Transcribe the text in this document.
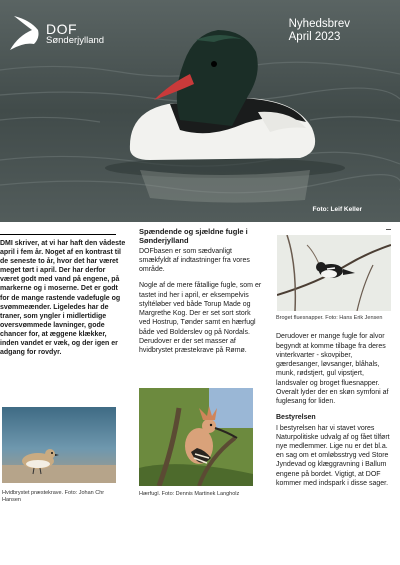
DOF
Sønderjylland
Nyhedsbrev
April 2023
Foto: Leif Keller

DMI skriver, at vi har haft den vådeste april i fem år. Noget af en kontrast til de seneste to år, hvor det har været meget tørt i april. Der har derfor været godt med vand på engene, på markerne og i moserne. Det er godt for de mange rastende vadefugle og svømmeænder. Ligeledes har de traner, som yngler i midlertidige oversvømmede lavninger, gode chancer for, at æggene klækker, inden vandet er væk, og der igen er adgang for rovdyr.

Hvidbrystet præstekrave. Foto: Johan Chr Hansen
Spændende og sjældne fugle i Sønderjylland

DOFbasen er som sædvanligt smækfyldt af indtastninger fra vores område.

Nogle af de mere fåtallige fugle, som er tastet ind her i april, er eksempelvis styltéløber ved både Torup Made og Margrethe Kog. Der er set sort stork ved Hostrup, Tønder samt en hærfugl både ved Bolderslev og på Nordals. Derudover er der set masser af hvidbrystet præstekrave på Rømø.

Hærfugl. Foto: Dennis Martinek Langholz
Broget fluesnapper. Foto: Hans Erik Jensen

Derudover er mange fugle for alvor begyndt at komme tilbage fra deres vinterkvarter - skovpiber, gærdesanger, løvsanger, blåhals, munk, rødstjert, gul vipstjert, landsvaler og broget fluesnapper. Overalt lyder der en skøn symfoni af fuglesang for liden.

Bestyrelsen

I bestyrelsen har vi stavet vores Naturpolitiske udvalg af og fået tilført nye medlemmer. Lige nu er det bl.a. en sag om et omløbsstryg ved Store Jyndevad og klæggravning i Ballum engene på bordet. Vigtigt, at DOF kommer med indspark i disse sager.
